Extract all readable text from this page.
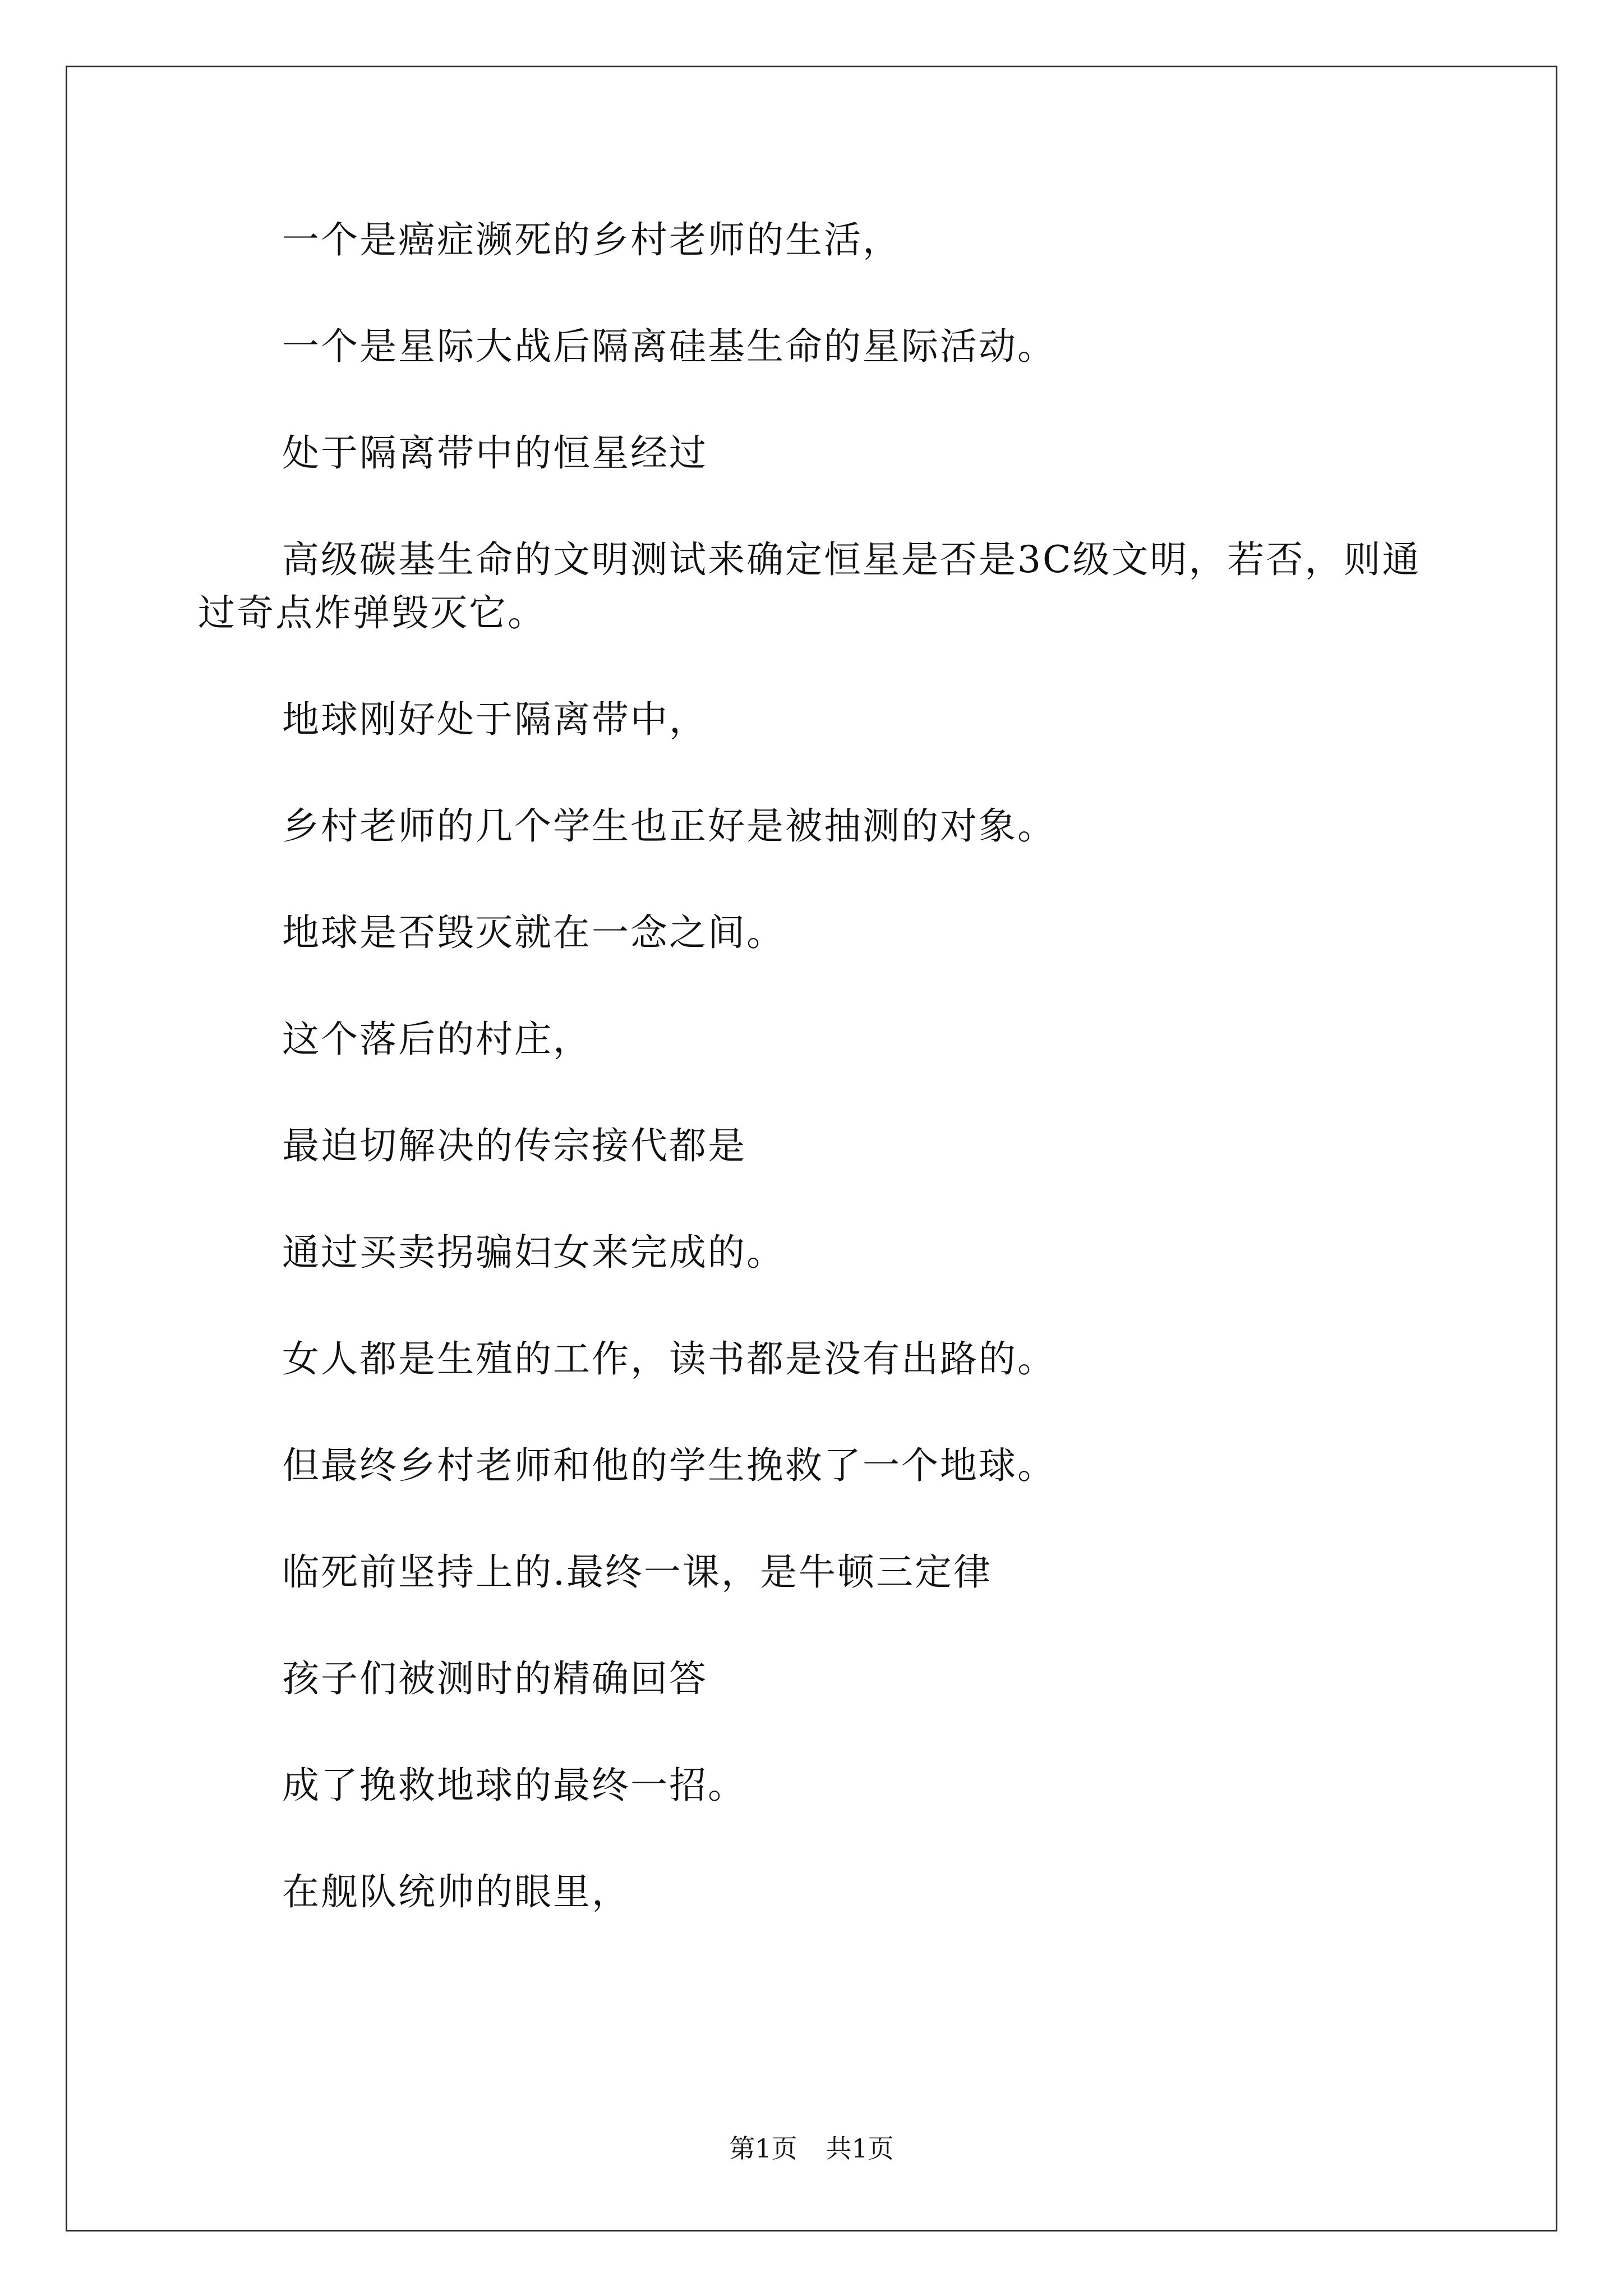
一个是癌症濒死的乡村老师的生活，

一个是星际大战后隔离硅基生命的星际活动。

处于隔离带中的恒星经过

高级碳基生命的文明测试来确定恒星是否是3C级文明，若否，则通过奇点炸弹毁灭它。

地球刚好处于隔离带中，

乡村老师的几个学生也正好是被抽测的对象。

地球是否毁灭就在一念之间。

这个落后的村庄，

最迫切解决的传宗接代都是

通过买卖拐骗妇女来完成的。

女人都是生殖的工作，读书都是没有出路的。

但最终乡村老师和他的学生挽救了一个地球。

临死前坚持上的.最终一课，是牛顿三定律

孩子们被测时的精确回答

成了挽救地球的最终一招。

在舰队统帅的眼里，

第1页 共1页
